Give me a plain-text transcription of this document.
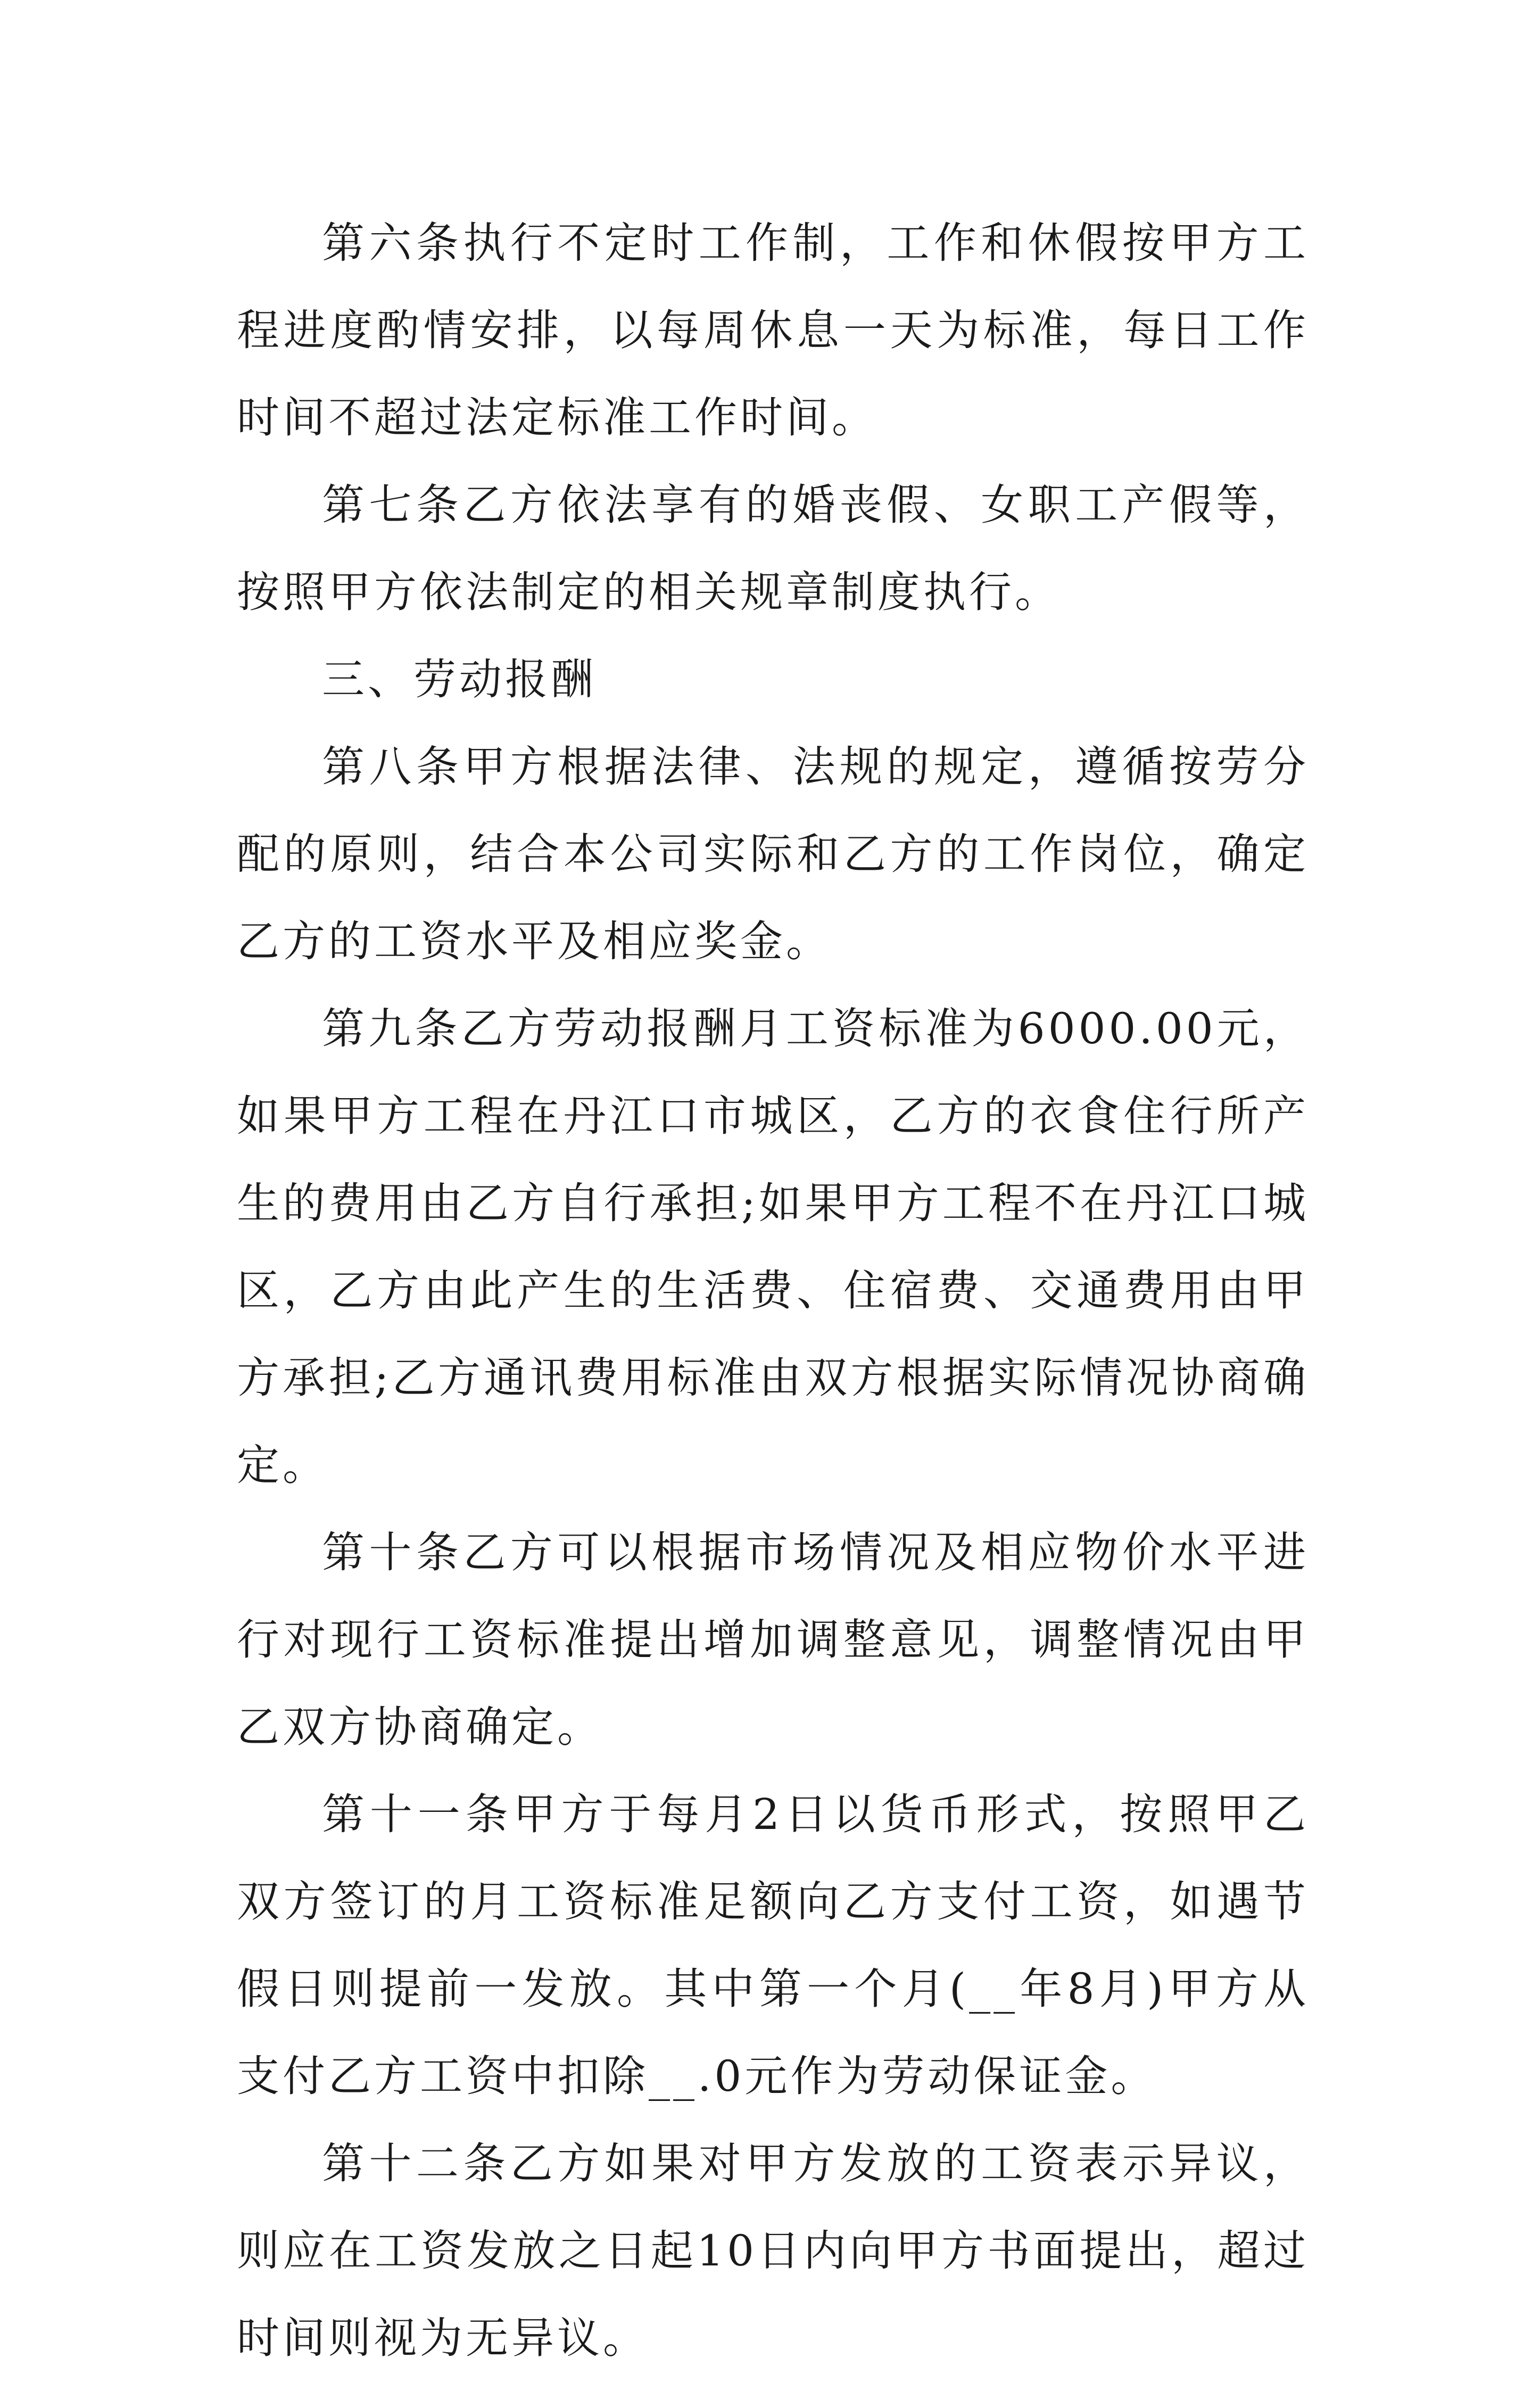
第六条执行不定时工作制，工作和休假按甲方工程进度酌情安排，以每周休息一天为标准，每日工作时间不超过法定标准工作时间。

第七条乙方依法享有的婚丧假、女职工产假等，按照甲方依法制定的相关规章制度执行。

三、劳动报酬

第八条甲方根据法律、法规的规定，遵循按劳分配的原则，结合本公司实际和乙方的工作岗位，确定乙方的工资水平及相应奖金。

第九条乙方劳动报酬月工资标准为6000.00元，如果甲方工程在丹江口市城区，乙方的衣食住行所产生的费用由乙方自行承担;如果甲方工程不在丹江口城区，乙方由此产生的生活费、住宿费、交通费用由甲方承担;乙方通讯费用标准由双方根据实际情况协商确定。

第十条乙方可以根据市场情况及相应物价水平进行对现行工资标准提出增加调整意见，调整情况由甲乙双方协商确定。

第十一条甲方于每月2日以货币形式，按照甲乙双方签订的月工资标准足额向乙方支付工资，如遇节假日则提前一发放。其中第一个月(__年8月)甲方从支付乙方工资中扣除__.0元作为劳动保证金。

第十二条乙方如果对甲方发放的工资表示异议，则应在工资发放之日起10日内向甲方书面提出，超过时间则视为无异议。
